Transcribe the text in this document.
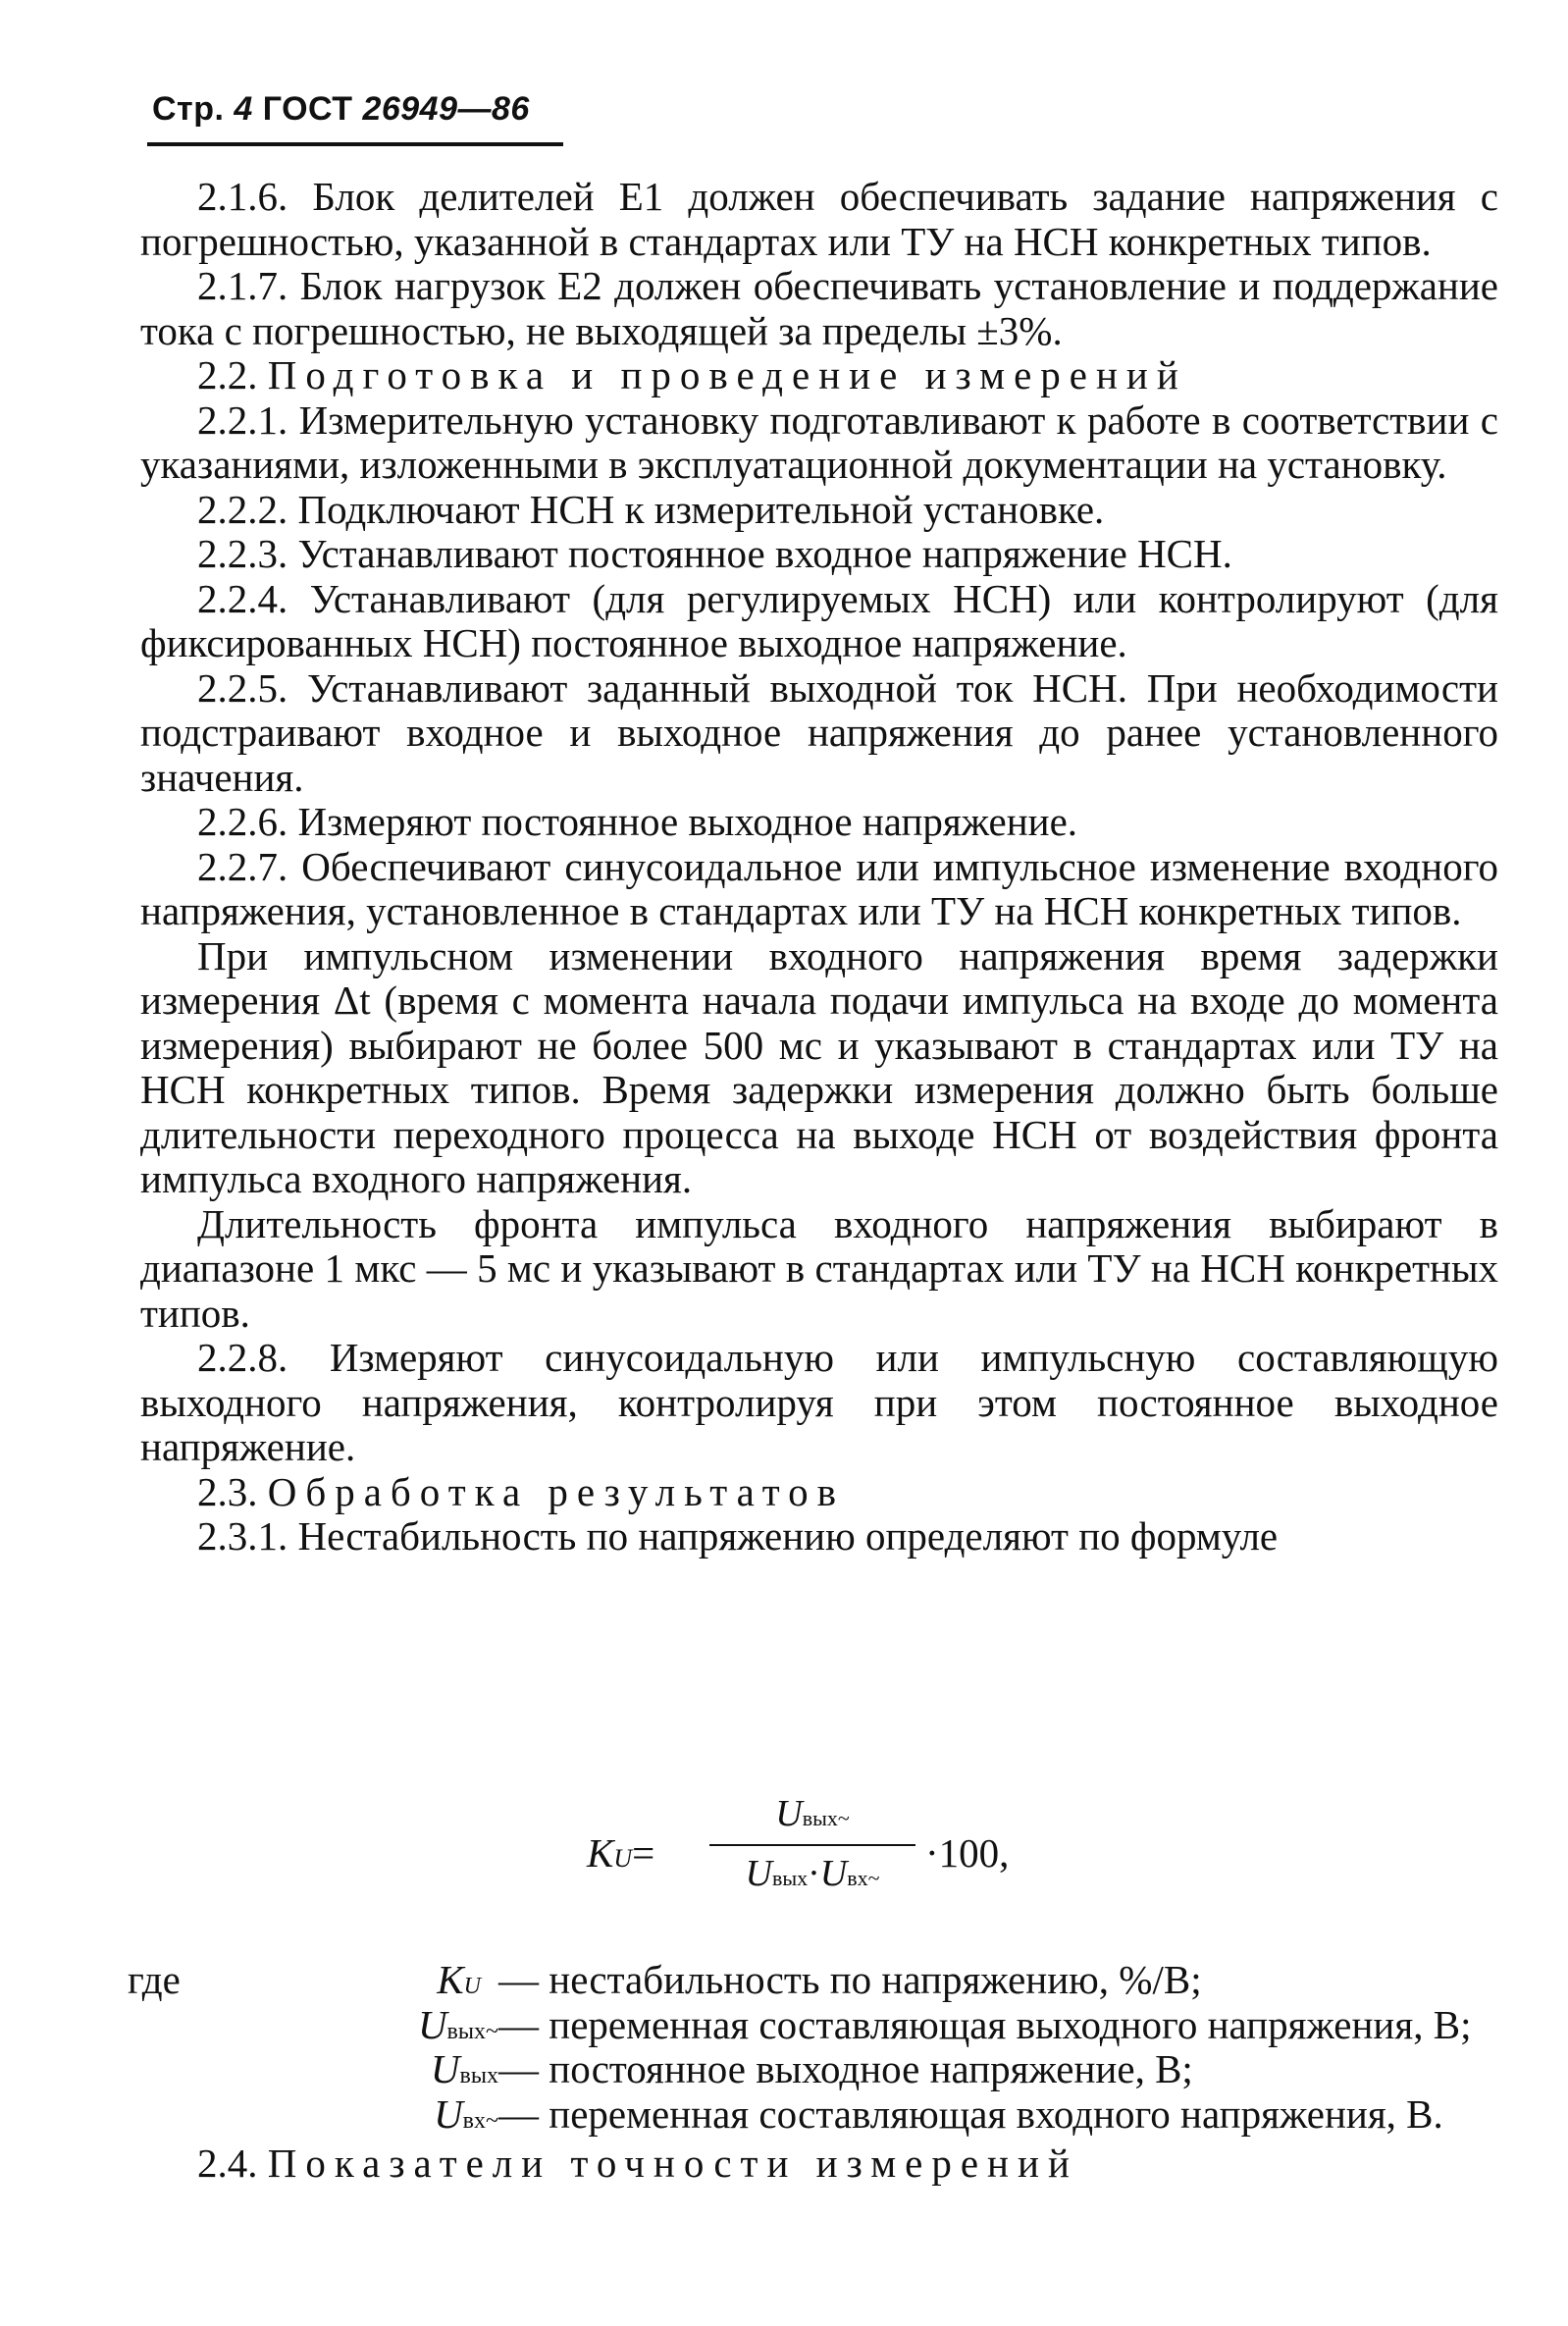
Стр. 4 ГОСТ 26949—86

2.1.6. Блок делителей E1 должен обеспечивать задание напряжения с погрешностью, указанной в стандартах или ТУ на НСН конкретных типов.

2.1.7. Блок нагрузок E2 должен обеспечивать установление и поддержание тока с погрешностью, не выходящей за пределы ±3%.

2.2. Подготовка и проведение измерений

2.2.1. Измерительную установку подготавливают к работе в соответствии с указаниями, изложенными в эксплуатационной документации на установку.

2.2.2. Подключают НСН к измерительной установке.

2.2.3. Устанавливают постоянное входное напряжение НСН.

2.2.4. Устанавливают (для регулируемых НСН) или контролируют (для фиксированных НСН) постоянное выходное напряжение.

2.2.5. Устанавливают заданный выходной ток НСН. При необходимости подстраивают входное и выходное напряжения до ранее установленного значения.

2.2.6. Измеряют постоянное выходное напряжение.

2.2.7. Обеспечивают синусоидальное или импульсное изменение входного напряжения, установленное в стандартах или ТУ на НСН конкретных типов.

При импульсном изменении входного напряжения время задержки измерения Δt (время с момента начала подачи импульса на входе до момента измерения) выбирают не более 500 мс и указывают в стандартах или ТУ на НСН конкретных типов. Время задержки измерения должно быть больше длительности переходного процесса на выходе НСН от воздействия фронта импульса входного напряжения.

Длительность фронта импульса входного напряжения выбирают в диапазоне 1 мкс — 5 мс и указывают в стандартах или ТУ на НСН конкретных типов.

2.2.8. Измеряют синусоидальную или импульсную составляющую выходного напряжения, контролируя при этом постоянное выходное напряжение.

2.3. Обработка результатов

2.3.1. Нестабильность по напряжению определяют по формуле

KU=
Uвых~
Uвых·Uвх~
·100,
где	KU — нестабильность по напряжению, %/В;
Uвых~ — переменная составляющая выходного напряжения, В;
Uвых — постоянное выходное напряжение, В;
Uвх~ — переменная составляющая входного напряжения, В.
2.4. Показатели точности измерений
